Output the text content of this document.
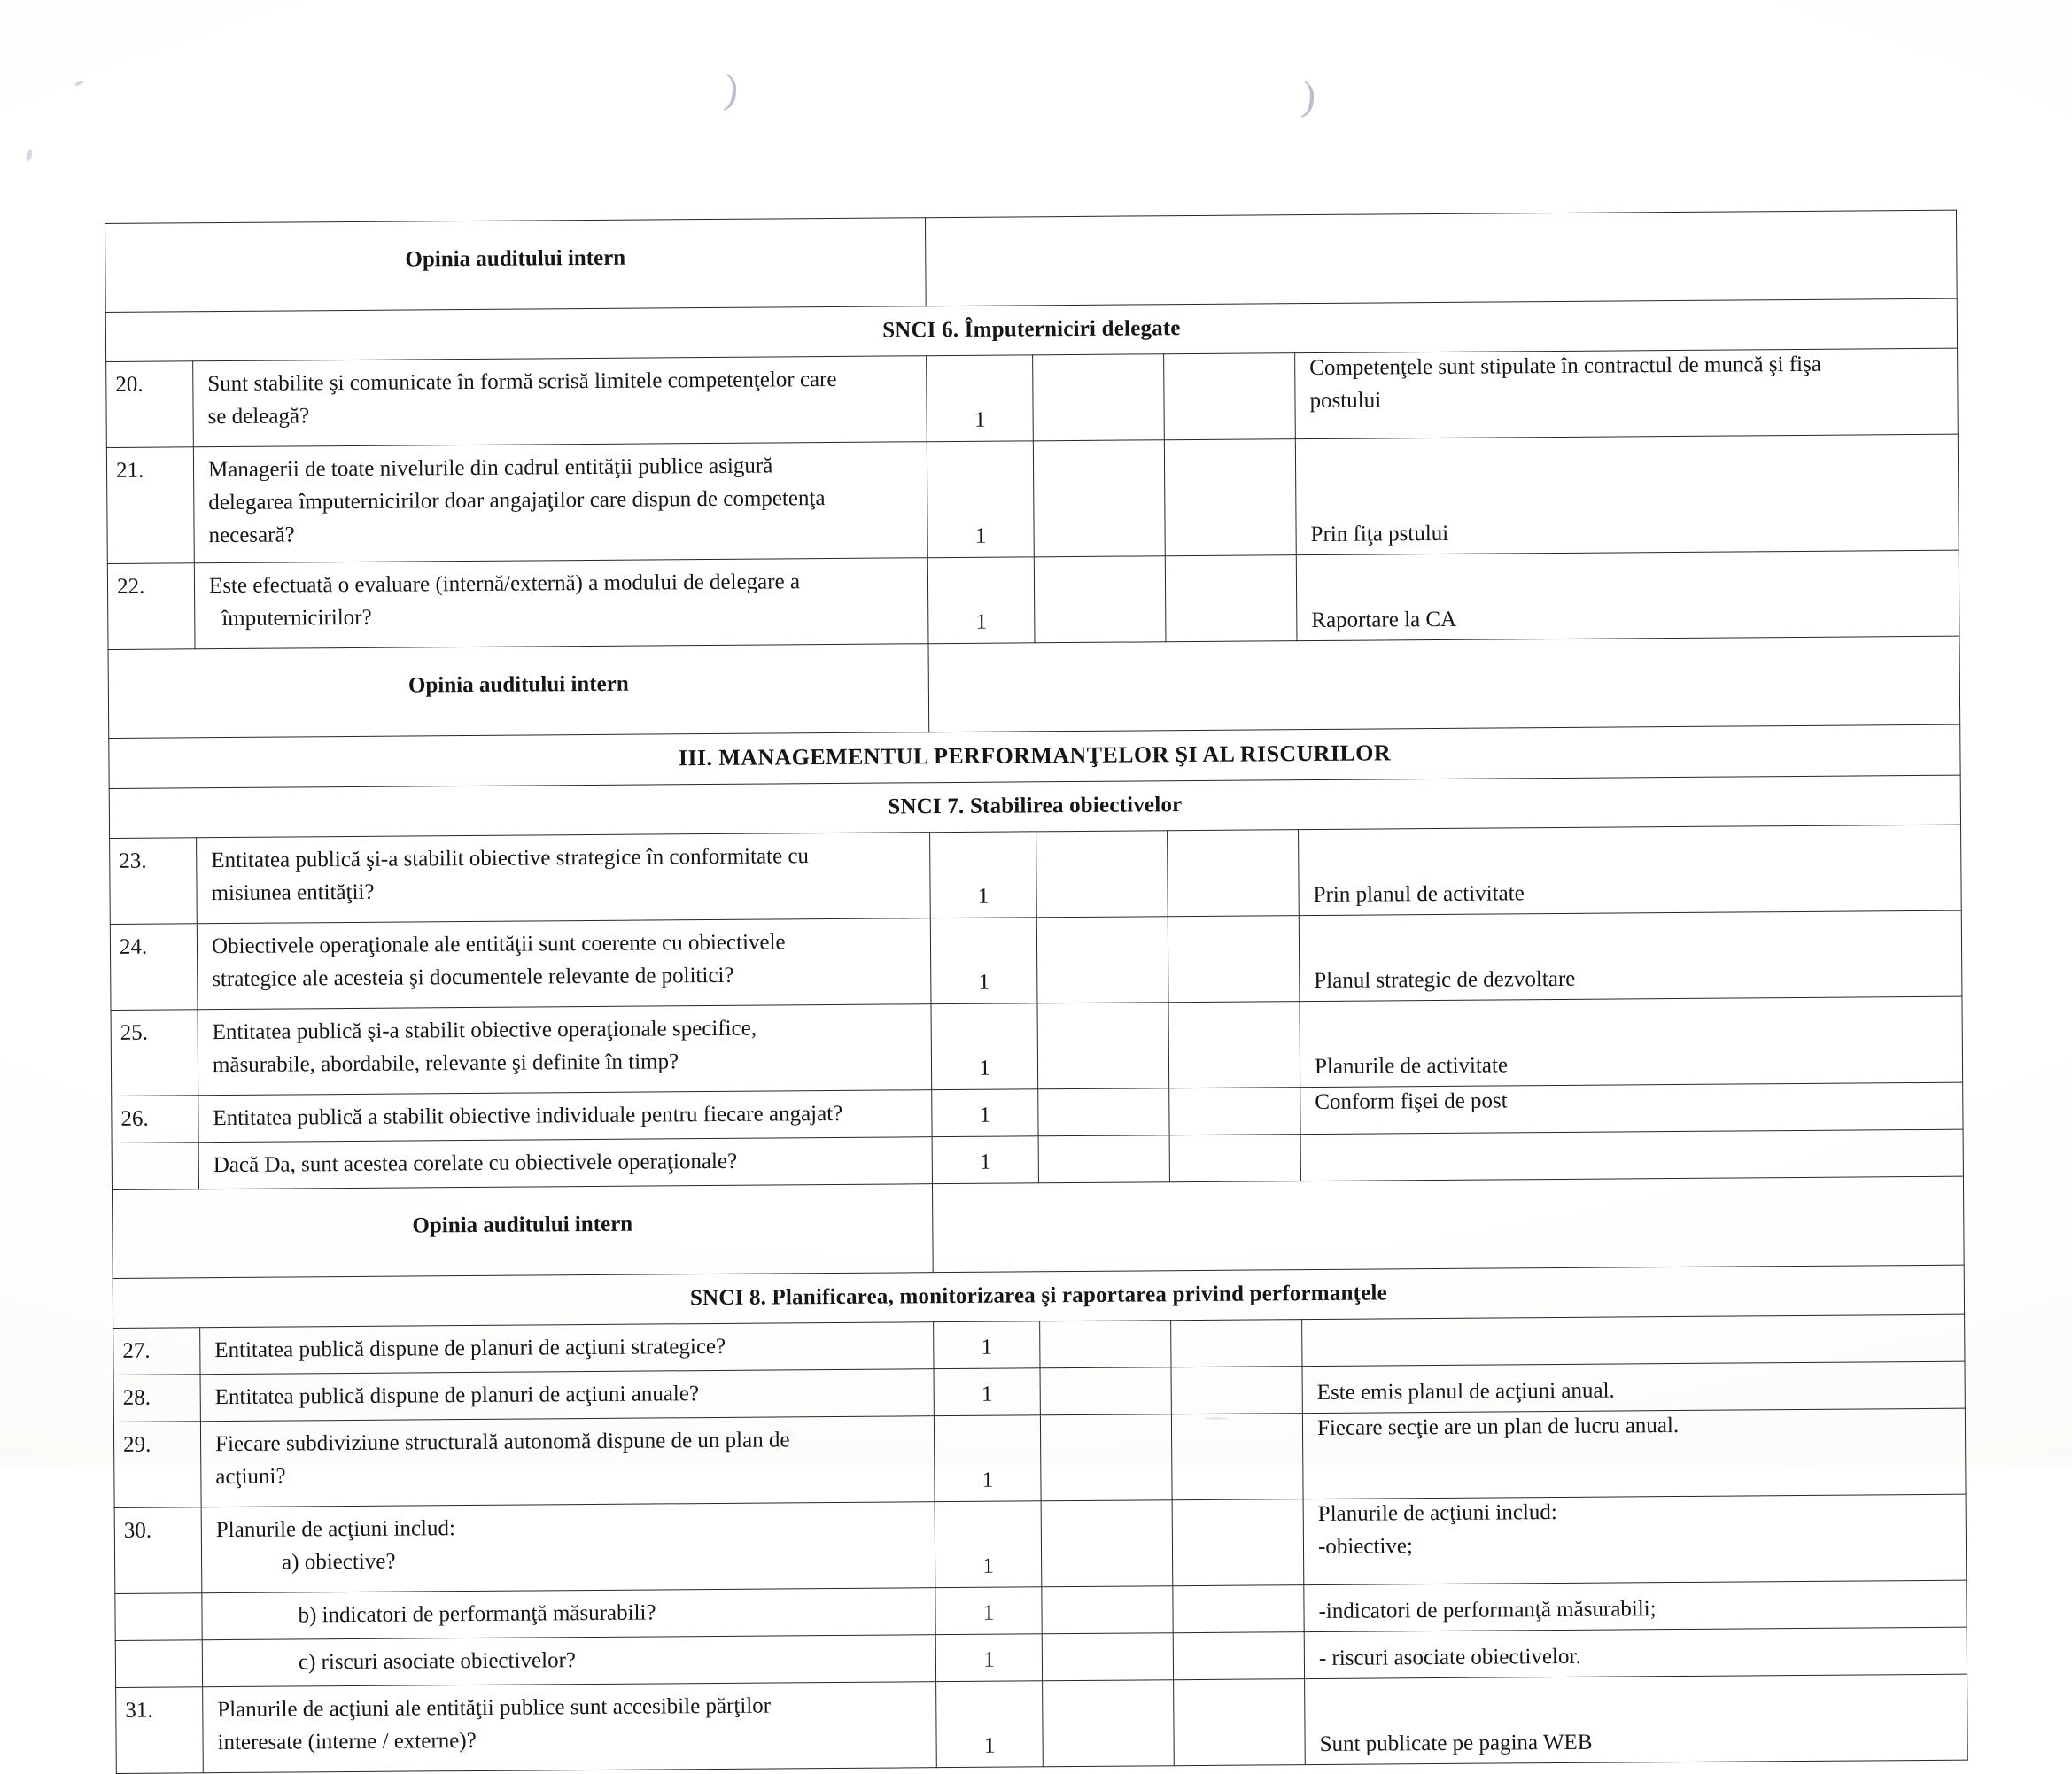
)	)
Opinia auditului intern					

SNCI 6. Împuterniciri delegate					

20.	Sunt stabilite şi comunicate în formă scrisă limitele competenţelor care
se deleagă?	1			Competenţele sunt stipulate în contractul de muncă şi fişa
postului

21.	Managerii de toate nivelurile din cadrul entităţii publice asigură
delegarea împuternicirilor doar angajaţilor care dispun de competenţa
necesară?	1			Prin fiţa pstului

22.	Este efectuată o evaluare (internă/externă) a modului de delegare a
împuternicirilor?	1			Raportare la CA

Opinia auditului intern					

III. MANAGEMENTUL PERFORMANŢELOR ŞI AL RISCURILOR					

SNCI 7. Stabilirea obiectivelor					

23.	Entitatea publică şi-a stabilit obiective strategice în conformitate cu
misiunea entităţii?	1			Prin planul de activitate

24.	Obiectivele operaţionale ale entităţii sunt coerente cu obiectivele
strategice ale acesteia şi documentele relevante de politici?	1			Planul strategic de dezvoltare

25.	Entitatea publică şi-a stabilit obiective operaţionale specifice,
măsurabile, abordabile, relevante şi definite în timp?	1			Planurile de activitate

26.	Entitatea publică a stabilit obiective individuale pentru fiecare angajat?	1			Conform fişei de post

	Dacă Da, sunt acestea corelate cu obiectivele operaţionale?	1			

Opinia auditului intern					

SNCI 8. Planificarea, monitorizarea şi raportarea privind performanţele					

27.	Entitatea publică dispune de planuri de acţiuni strategice?	1			

28.	Entitatea publică dispune de planuri de acţiuni anuale?	1			Este emis planul de acţiuni anual.

29.	Fiecare subdiviziune structurală autonomă dispune de un plan de
acţiuni?	1			Fiecare secţie are un plan de lucru anual.

30.	Planurile de acţiuni includ:
a) obiective?	1			Planurile de acţiuni includ:
-obiective;

	b) indicatori de performanţă măsurabili?	1			-indicatori de performanţă măsurabili;

	c) riscuri asociate obiectivelor?	1			- riscuri asociate obiectivelor.

31.	Planurile de acţiuni ale entităţii publice sunt accesibile părţilor
interesate (interne / externe)?	1			Sunt publicate pe pagina WEB
